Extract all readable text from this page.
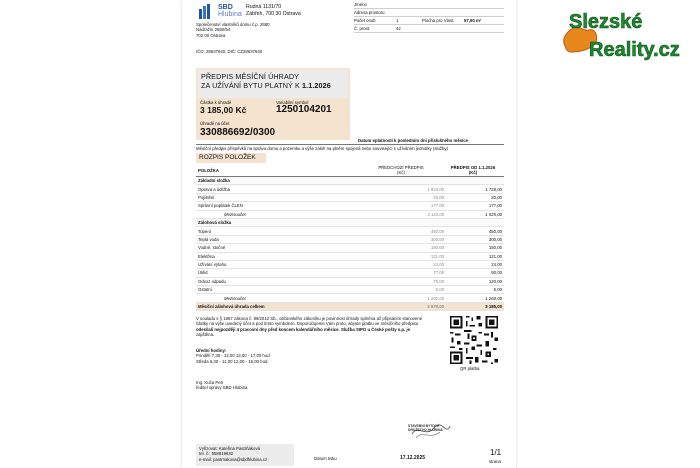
SBD
Hlubina
Rudná 1131/70
Zábřeh, 700 30 Ostrava
Společenství vlastníků domu č.p. 2680
Nádražní 2680/54
702 00 Ostrava
IČO: 28637640, DIČ: CZ28637640
Jméno
Adresa prostoru
Počet osob	1	Plocha pro Vlast.	57,60 m²
Č. prost.	42
PŘEDPIS MĚSÍČNÍ ÚHRADY
ZA UŽÍVÁNÍ BYTU PLATNÝ K 1.1.2026
Částka k úhradě
3 185,00 Kč
Variabilní symbol
1250104201
Úhradě na účet
330886692/0300
Datum splatnosti k posledním dni příslušného měsíce
Měsíční předpis příspěvků na správu domu a pozemku a výše záloh na plnění spojená nebo související s užíváním jednotky (služby)
ROZPIS POLOŽEK
POLOŽKA
PŘEDCHOZÍ PŘEDPIS
(Kč)
PŘEDPIS OD 1.1.2026
(Kč)
Základní složka
Oprava a údržba	1 923,00	1 728,00
Pojištění	20,00	20,00
Správní poplatek ČLEN	177,00	177,00
Mezisoučet	2 118,00	1 925,00
Zálohová složka
Topení	450,00	450,00
Teplá voda	300,00	300,00
Vodné, stočné	150,00	150,00
Elektřina	121,00	121,00
Užívání výtahu	24,00	24,00
Úklid	77,00	90,00
Odvoz odpadu	75,00	120,00
Ostatní	5,00	5,00
Mezisoučet	1 202,00	1 260,00
Měsíční zálohová úhrada celkem	3 570,00	3 185,00
V souladu s § 1957 zákona č. 89/2012 Sb., občanského zákoníku je povinnost úhrady splněna až připsáním stanovené
částky na výše uvedený účet a pod tímto symbolem. Doporučujeme Vám proto, abyste platbu ve měsíčního předpisu
odesílali nejpozději 4 pracovní dny před koncem kalendářního měsíce. Služba SIPO u České pošty s.p. je
zajištěna.
Úřední hodiny:
Pondělí 7,30 - 12,00 13,00 - 17,00 hod.
Středa 6,30 - 11,00 12,00 - 15,00 hod.
QR platba
Ing. Kuča Petr
ředitel správy SBD Hlubina
STAVEBNÍ BYTOVÉ
DRUŽSTVO HLUBINA
Vyřizovat: Kateřina Pastrňáková
tel. č.: 558819632
e-mail: pastrnakova@sbdhlubina.cz	Datum tisku	17.12.2025
1/1
strana
Slezské
Reality.cz
